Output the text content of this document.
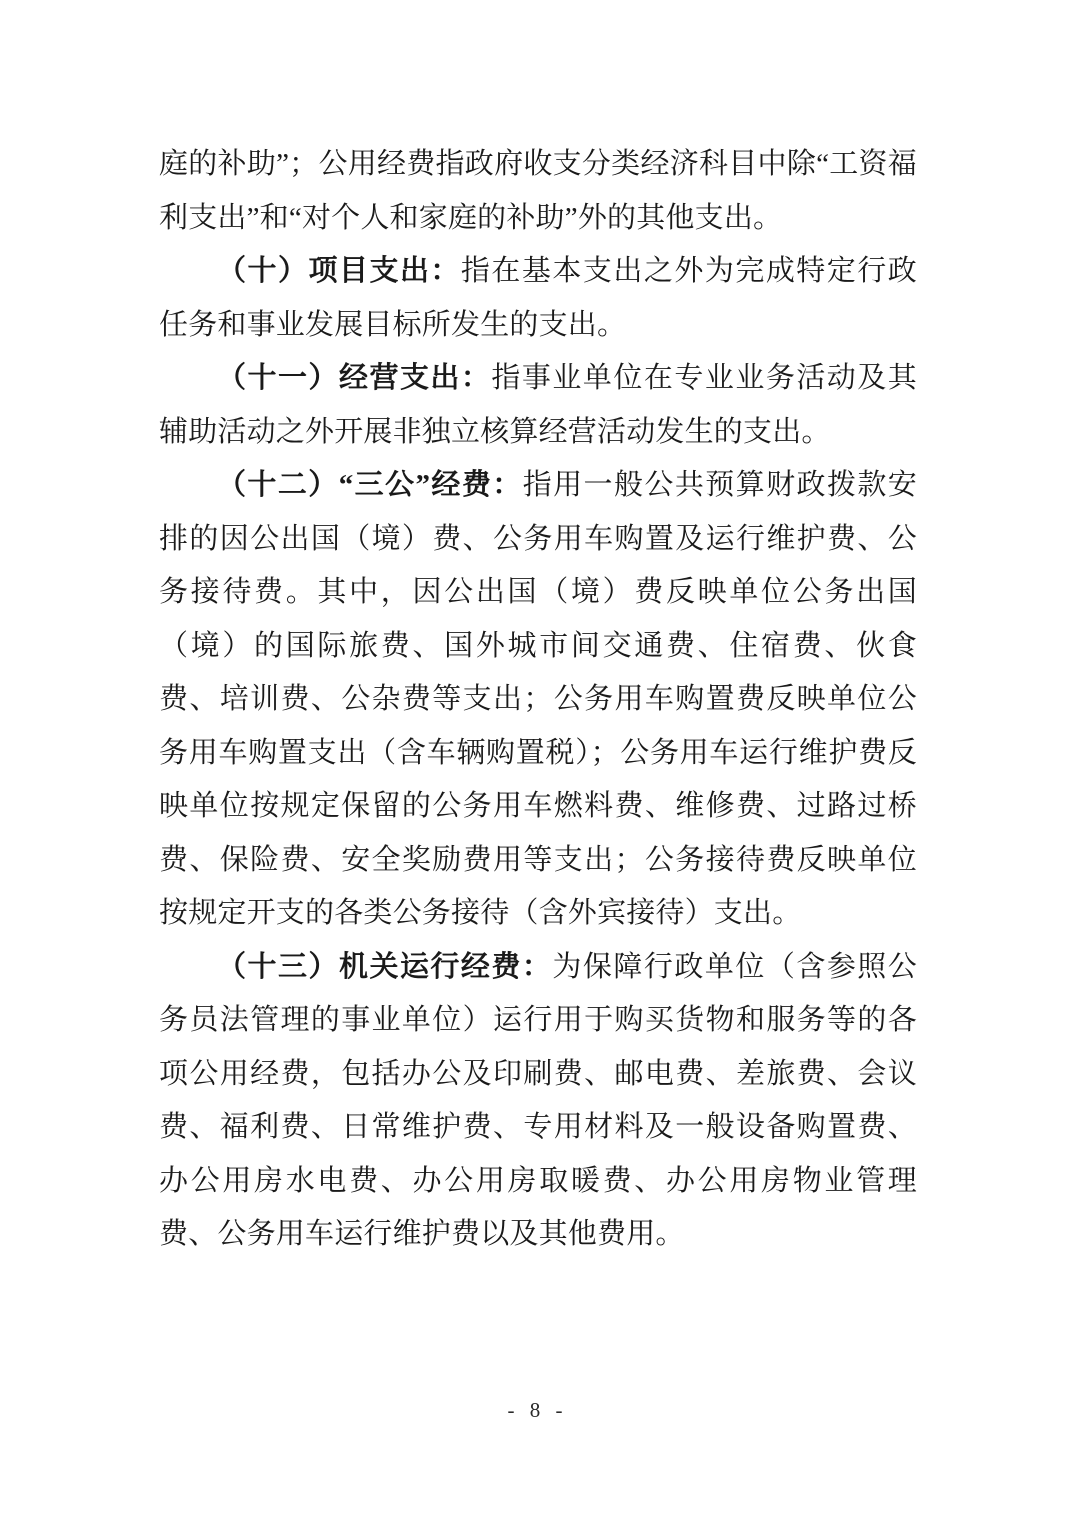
庭的补助”；公用经费指政府收支分类经济科目中除“工资福利支出”和“对个人和家庭的补助”外的其他支出。

（十）项目支出：指在基本支出之外为完成特定行政任务和事业发展目标所发生的支出。

（十一）经营支出：指事业单位在专业业务活动及其辅助活动之外开展非独立核算经营活动发生的支出。

（十二）“三公”经费：指用一般公共预算财政拨款安排的因公出国（境）费、公务用车购置及运行维护费、公务接待费。其中，因公出国（境）费反映单位公务出国（境）的国际旅费、国外城市间交通费、住宿费、伙食费、培训费、公杂费等支出；公务用车购置费反映单位公务用车购置支出（含车辆购置税）；公务用车运行维护费反映单位按规定保留的公务用车燃料费、维修费、过路过桥费、保险费、安全奖励费用等支出；公务接待费反映单位按规定开支的各类公务接待（含外宾接待）支出。

（十三）机关运行经费：为保障行政单位（含参照公务员法管理的事业单位）运行用于购买货物和服务等的各项公用经费，包括办公及印刷费、邮电费、差旅费、会议费、福利费、日常维护费、专用材料及一般设备购置费、办公用房水电费、办公用房取暖费、办公用房物业管理费、公务用车运行维护费以及其他费用。

- 8 -
